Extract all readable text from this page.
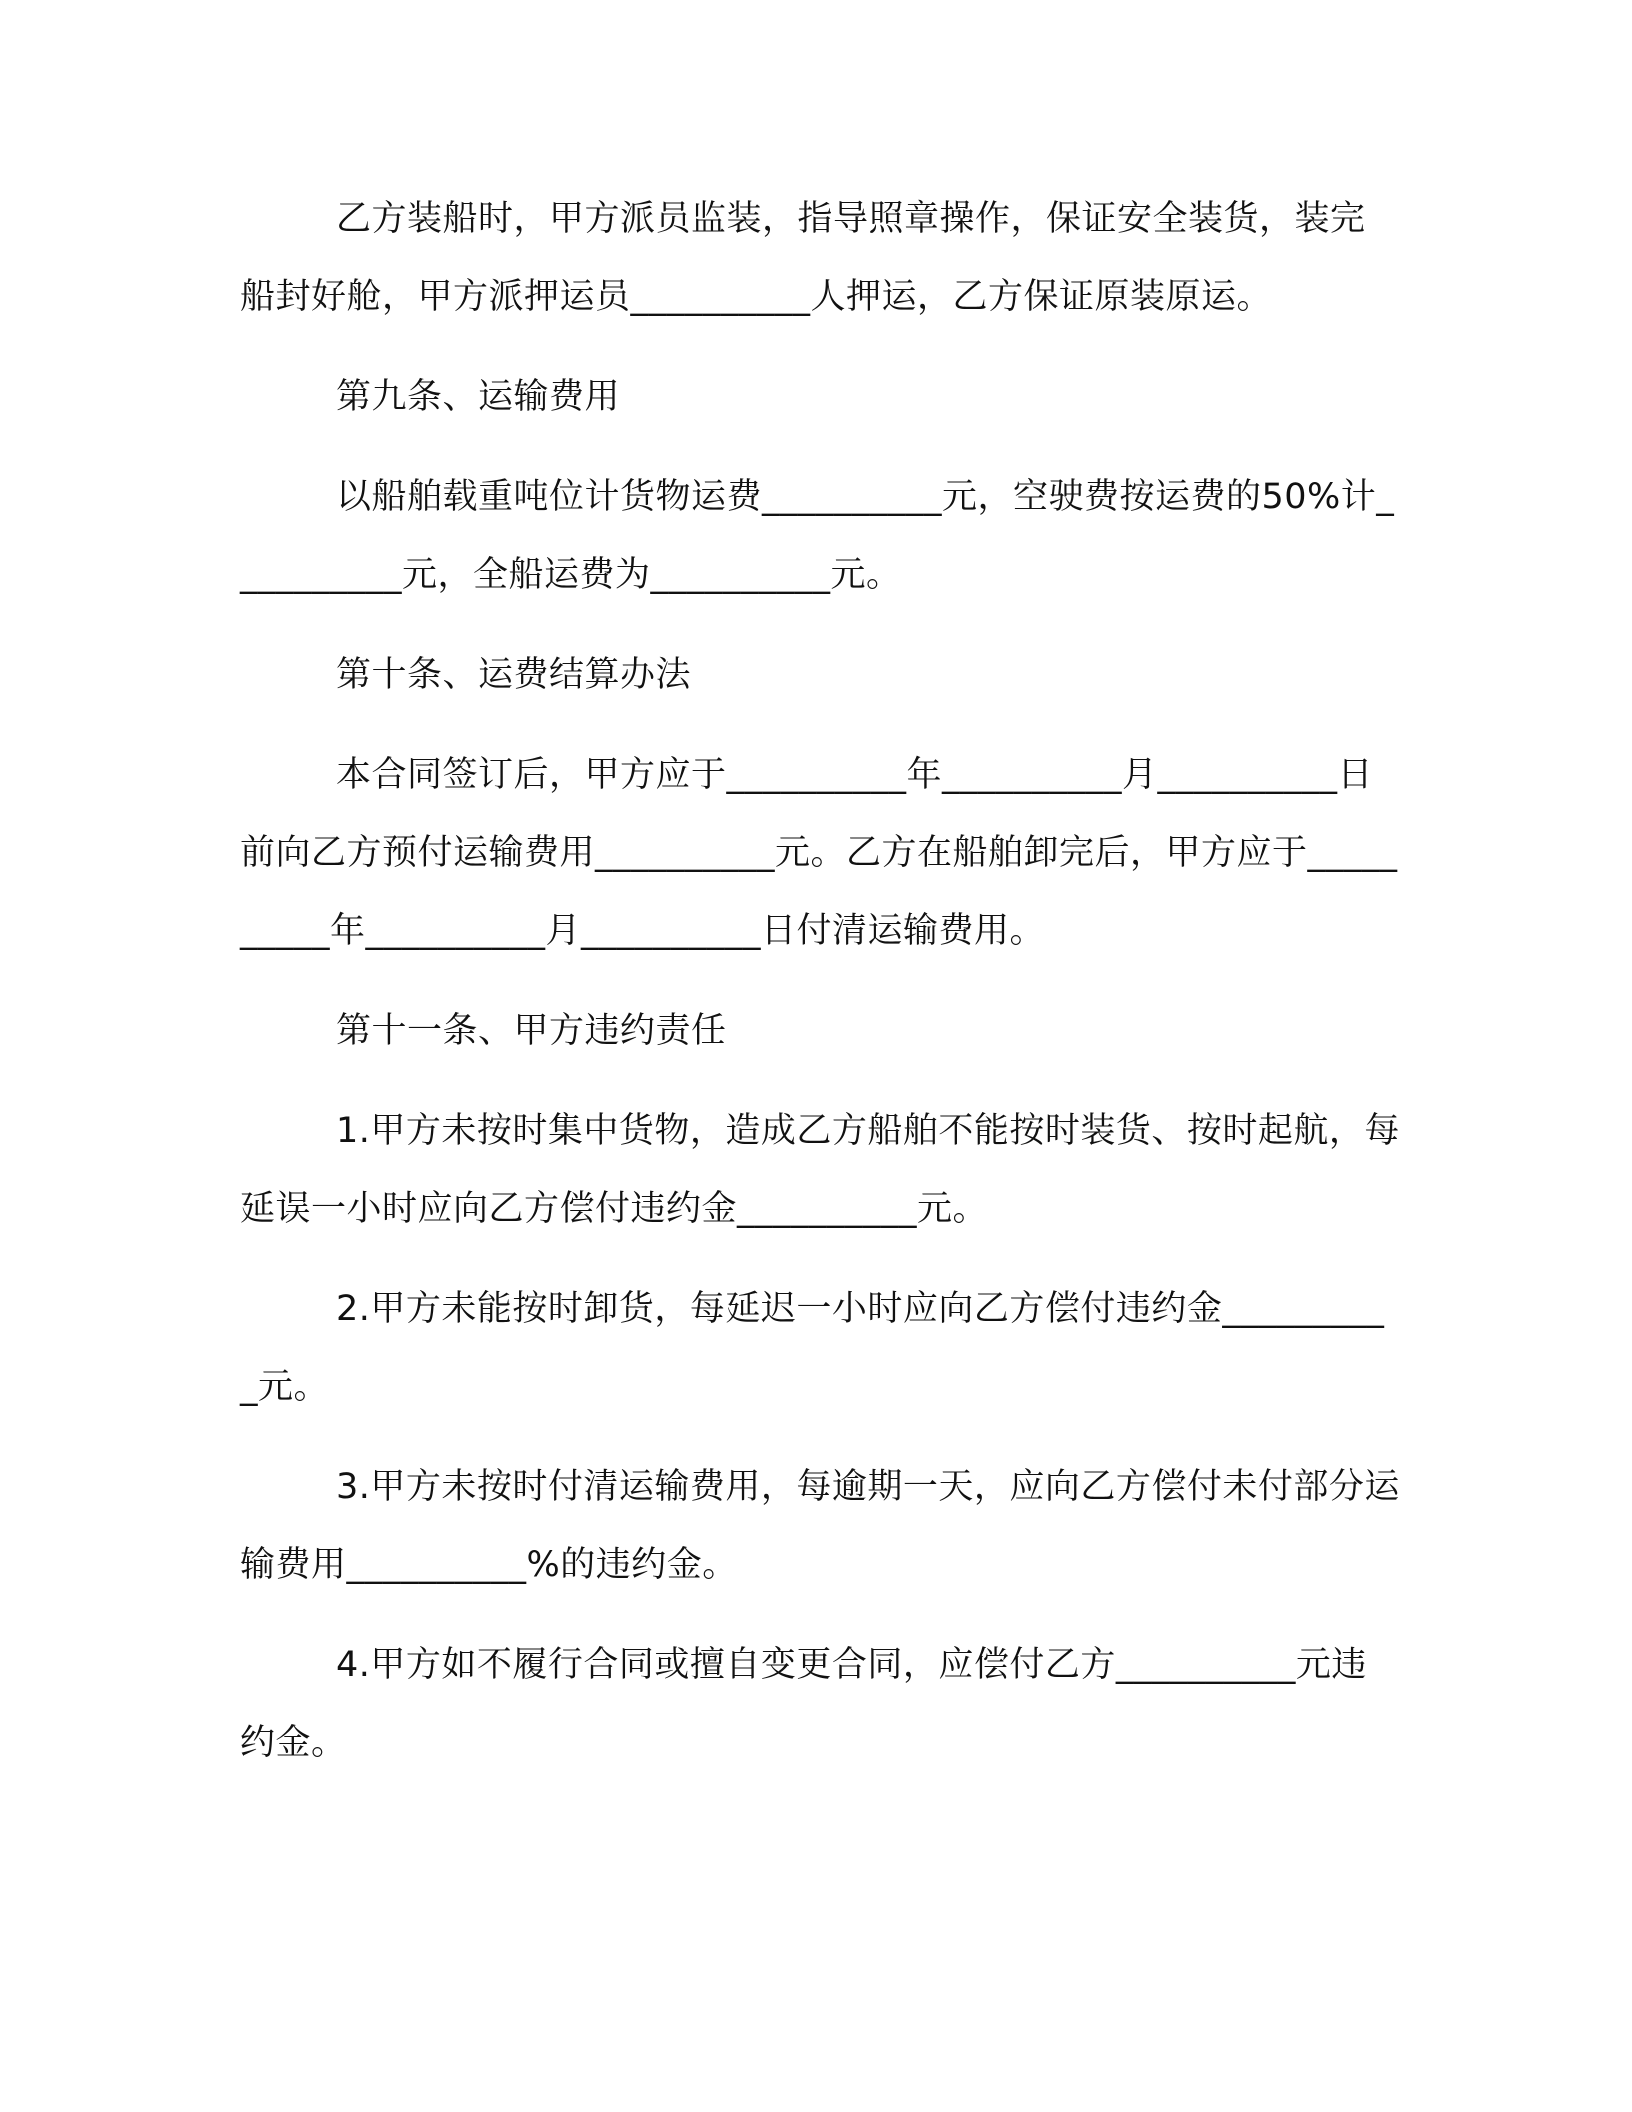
乙方装船时，甲方派员监装，指导照章操作，保证安全装货，装完船封好舱，甲方派押运员__________人押运，乙方保证原装原运。

第九条、运输费用

以船舶载重吨位计货物运费__________元，空驶费按运费的50%计__________元，全船运费为__________元。

第十条、运费结算办法

本合同签订后，甲方应于__________年__________月__________日前向乙方预付运输费用__________元。乙方在船舶卸完后，甲方应于__________年__________月__________日付清运输费用。

第十一条、甲方违约责任

1.甲方未按时集中货物，造成乙方船舶不能按时装货、按时起航，每延误一小时应向乙方偿付违约金__________元。

2.甲方未能按时卸货，每延迟一小时应向乙方偿付违约金__________元。

3.甲方未按时付清运输费用，每逾期一天，应向乙方偿付未付部分运输费用__________%的违约金。

4.甲方如不履行合同或擅自变更合同，应偿付乙方__________元违约金。
